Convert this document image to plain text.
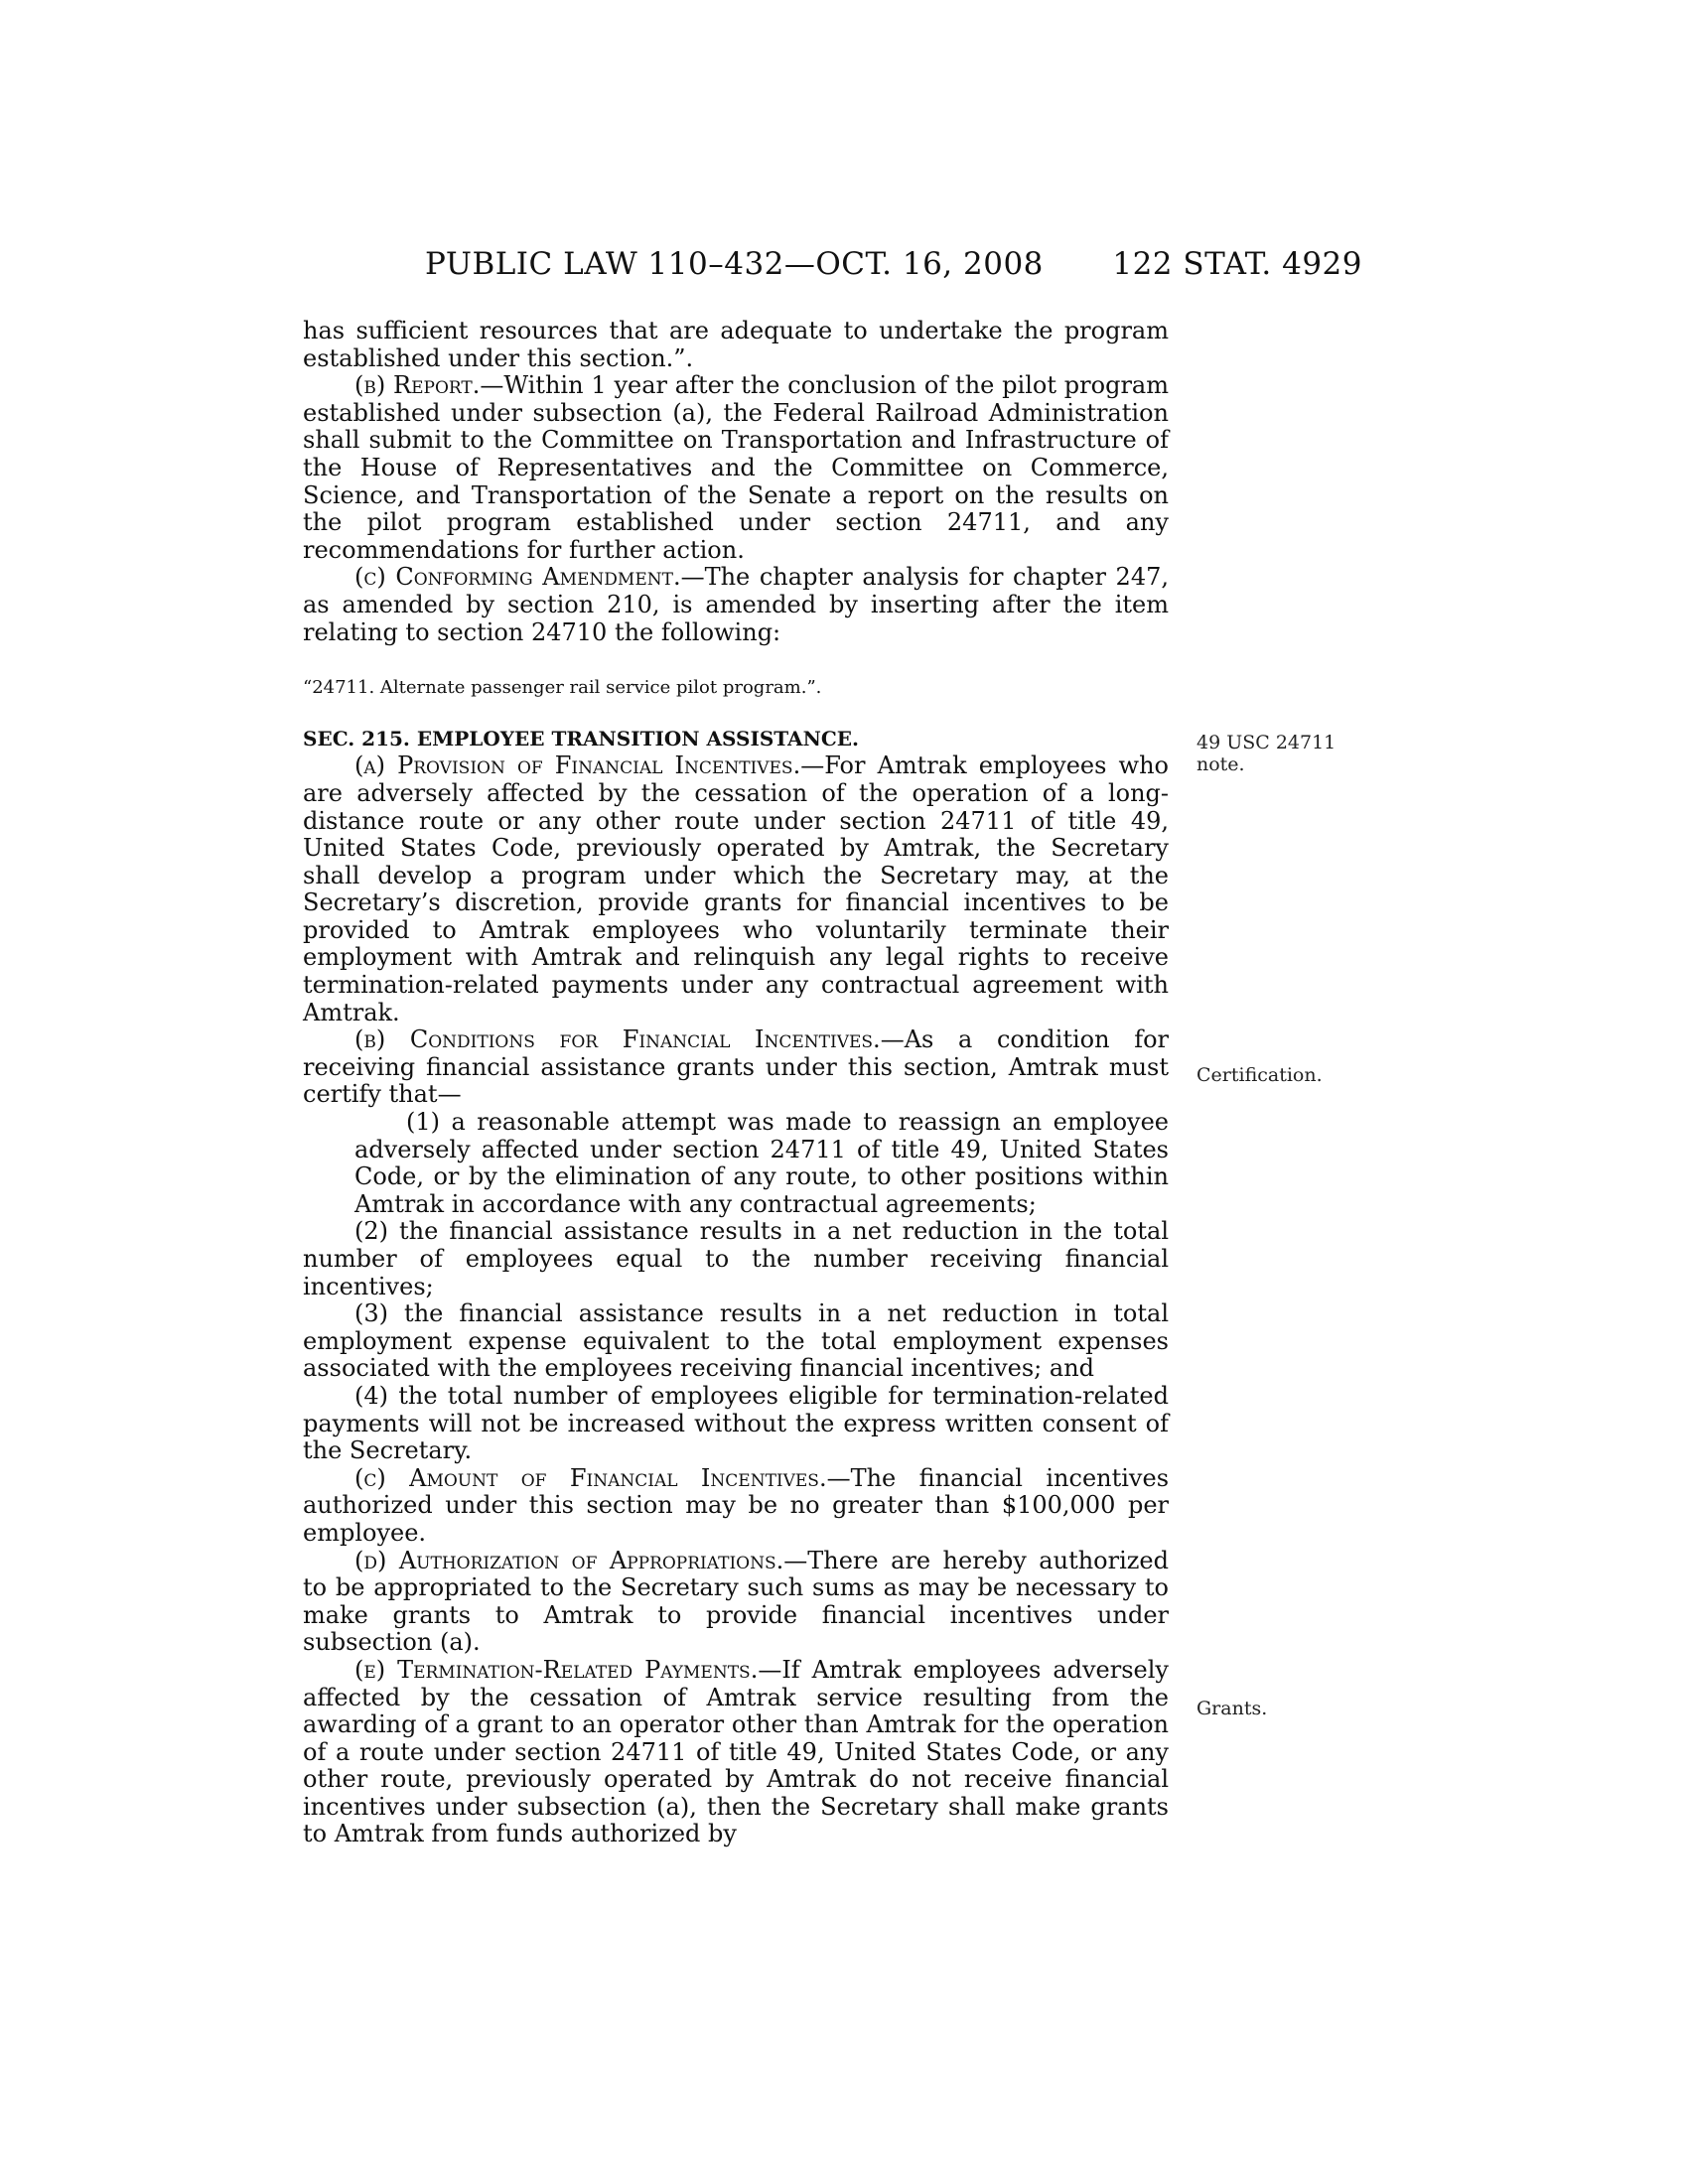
PUBLIC LAW 110–432—OCT. 16, 2008 122 STAT. 4929

has sufficient resources that are adequate to undertake the program established under this section.”.

(b) Report.—Within 1 year after the conclusion of the pilot program established under subsection (a), the Federal Railroad Administration shall submit to the Committee on Transportation and Infrastructure of the House of Representatives and the Committee on Commerce, Science, and Transportation of the Senate a report on the results on the pilot program established under section 24711, and any recommendations for further action.

(c) Conforming Amendment.—The chapter analysis for chapter 247, as amended by section 210, is amended by inserting after the item relating to section 24710 the following:

“24711. Alternate passenger rail service pilot program.”.

SEC. 215. EMPLOYEE TRANSITION ASSISTANCE.

(a) Provision of Financial Incentives.—For Amtrak employees who are adversely affected by the cessation of the operation of a long-distance route or any other route under section 24711 of title 49, United States Code, previously operated by Amtrak, the Secretary shall develop a program under which the Secretary may, at the Secretary’s discretion, provide grants for financial incentives to be provided to Amtrak employees who voluntarily terminate their employment with Amtrak and relinquish any legal rights to receive termination-related payments under any contractual agreement with Amtrak.

(b) Conditions for Financial Incentives.—As a condition for receiving financial assistance grants under this section, Amtrak must certify that—

(1) a reasonable attempt was made to reassign an employee adversely affected under section 24711 of title 49, United States Code, or by the elimination of any route, to other positions within Amtrak in accordance with any contractual agreements;

(2) the financial assistance results in a net reduction in the total number of employees equal to the number receiving financial incentives;

(3) the financial assistance results in a net reduction in total employment expense equivalent to the total employment expenses associated with the employees receiving financial incentives; and

(4) the total number of employees eligible for termination-related payments will not be increased without the express written consent of the Secretary.

(c) Amount of Financial Incentives.—The financial incentives authorized under this section may be no greater than $100,000 per employee.

(d) Authorization of Appropriations.—There are hereby authorized to be appropriated to the Secretary such sums as may be necessary to make grants to Amtrak to provide financial incentives under subsection (a).

(e) Termination-Related Payments.—If Amtrak employees adversely affected by the cessation of Amtrak service resulting from the awarding of a grant to an operator other than Amtrak for the operation of a route under section 24711 of title 49, United States Code, or any other route, previously operated by Amtrak do not receive financial incentives under subsection (a), then the Secretary shall make grants to Amtrak from funds authorized by

49 USC 24711 note.
Certification.
Grants.
